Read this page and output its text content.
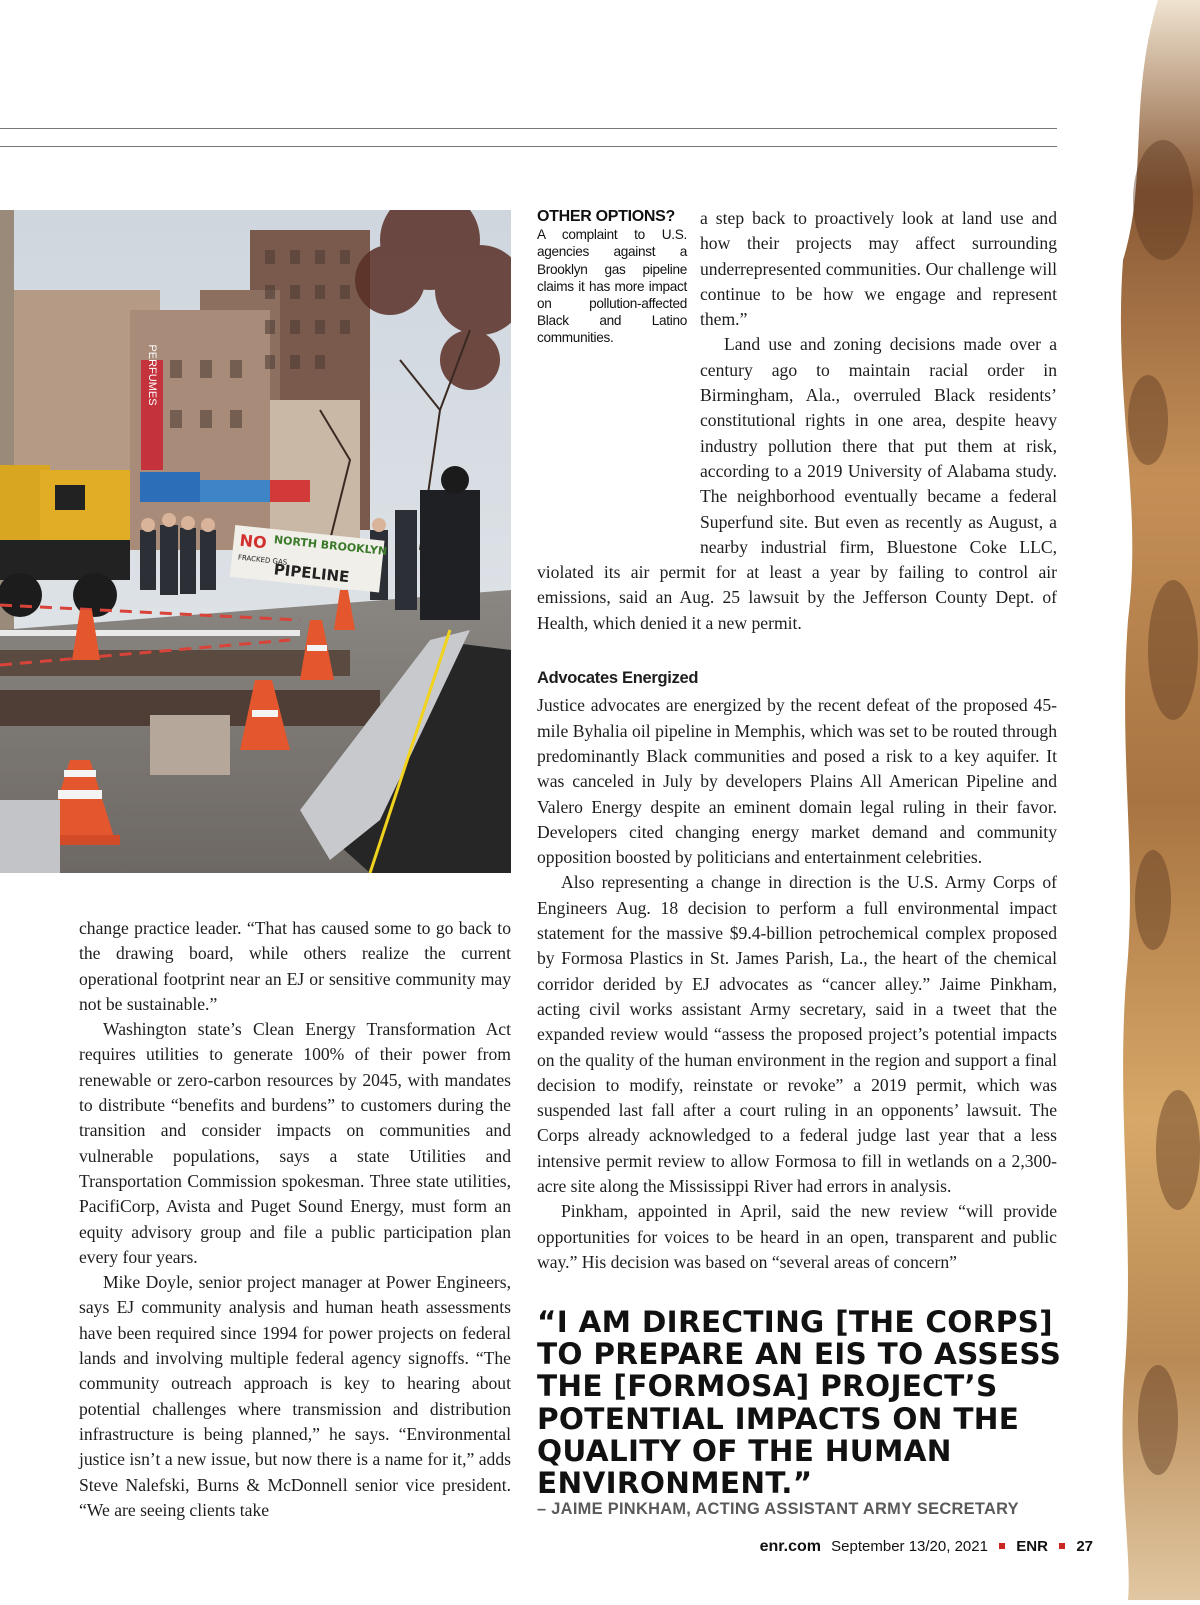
PERFUMES
NO NORTH BROOKLYN
FRACKED GAS
PIPELINE

change practice leader. “That has caused some to go back to the drawing board, while others realize the current operational footprint near an EJ or sensitive community may not be sustainable.”

Washington state’s Clean Energy Transformation Act requires utilities to generate 100% of their power from renewable or zero-carbon resources by 2045, with mandates to distribute “benefits and burdens” to customers during the transition and consider impacts on communities and vulnerable populations, says a state Utilities and Transportation Commission spokesman. Three state utilities, PacifiCorp, Avista and Puget Sound Energy, must form an equity advisory group and file a public participation plan every four years.

Mike Doyle, senior project manager at Power Engineers, says EJ community analysis and human heath assessments have been required since 1994 for power projects on federal lands and involving multiple federal agency signoffs. “The community outreach approach is key to hearing about potential challenges where transmission and distribution infrastructure is being planned,” he says. “Environmental justice isn’t a new issue, but now there is a name for it,” adds Steve Nalefski, Burns & McDonnell senior vice president. “We are seeing clients take

OTHER OPTIONS?
A complaint to U.S. agencies against a Brooklyn gas pipeline claims it has more impact on pollution-affected Black and Latino communities.

a step back to proactively look at land use and how their projects may affect surrounding underrepresented communities. Our challenge will continue to be how we engage and represent them.”

Land use and zoning decisions made over a century ago to maintain racial order in Birmingham, Ala., overruled Black residents’ constitutional rights in one area, despite heavy industry pollution there that put them at risk, according to a 2019 University of Alabama study. The neighborhood eventually became a federal Superfund site. But even as recently as August, a nearby industrial firm, Bluestone Coke LLC, violated its air permit for at least a year by failing to control air emissions, said an Aug. 25 lawsuit by the Jefferson County Dept. of Health, which denied it a new permit.

Advocates Energized

Justice advocates are energized by the recent defeat of the proposed 45-mile Byhalia oil pipeline in Memphis, which was set to be routed through predominantly Black communities and posed a risk to a key aquifer. It was canceled in July by developers Plains All American Pipeline and Valero Energy despite an eminent domain legal ruling in their favor. Developers cited changing energy market demand and community opposition boosted by politicians and entertainment celebrities.

Also representing a change in direction is the U.S. Army Corps of Engineers Aug. 18 decision to perform a full environmental impact statement for the massive $9.4-billion petrochemical complex proposed by Formosa Plastics in St. James Parish, La., the heart of the chemical corridor derided by EJ advocates as “cancer alley.” Jaime Pinkham, acting civil works assistant Army secretary, said in a tweet that the expanded review would “assess the proposed project’s potential impacts on the quality of the human environment in the region and support a final decision to modify, reinstate or revoke” a 2019 permit, which was suspended last fall after a court ruling in an opponents’ lawsuit. The Corps already acknowledged to a federal judge last year that a less intensive permit review to allow Formosa to fill in wetlands on a 2,300-acre site along the Mississippi River had errors in analysis.

Pinkham, appointed in April, said the new review “will provide opportunities for voices to be heard in an open, transparent and public way.” His decision was based on “several areas of concern”

“I AM DIRECTING [THE CORPS] TO PREPARE AN EIS TO ASSESS THE [FORMOSA] PROJECT’S POTENTIAL IMPACTS ON THE QUALITY OF THE HUMAN ENVIRONMENT.”
– JAIME PINKHAM, ACTING ASSISTANT ARMY SECRETARY
enr.com September 13/20, 2021 ENR 27
